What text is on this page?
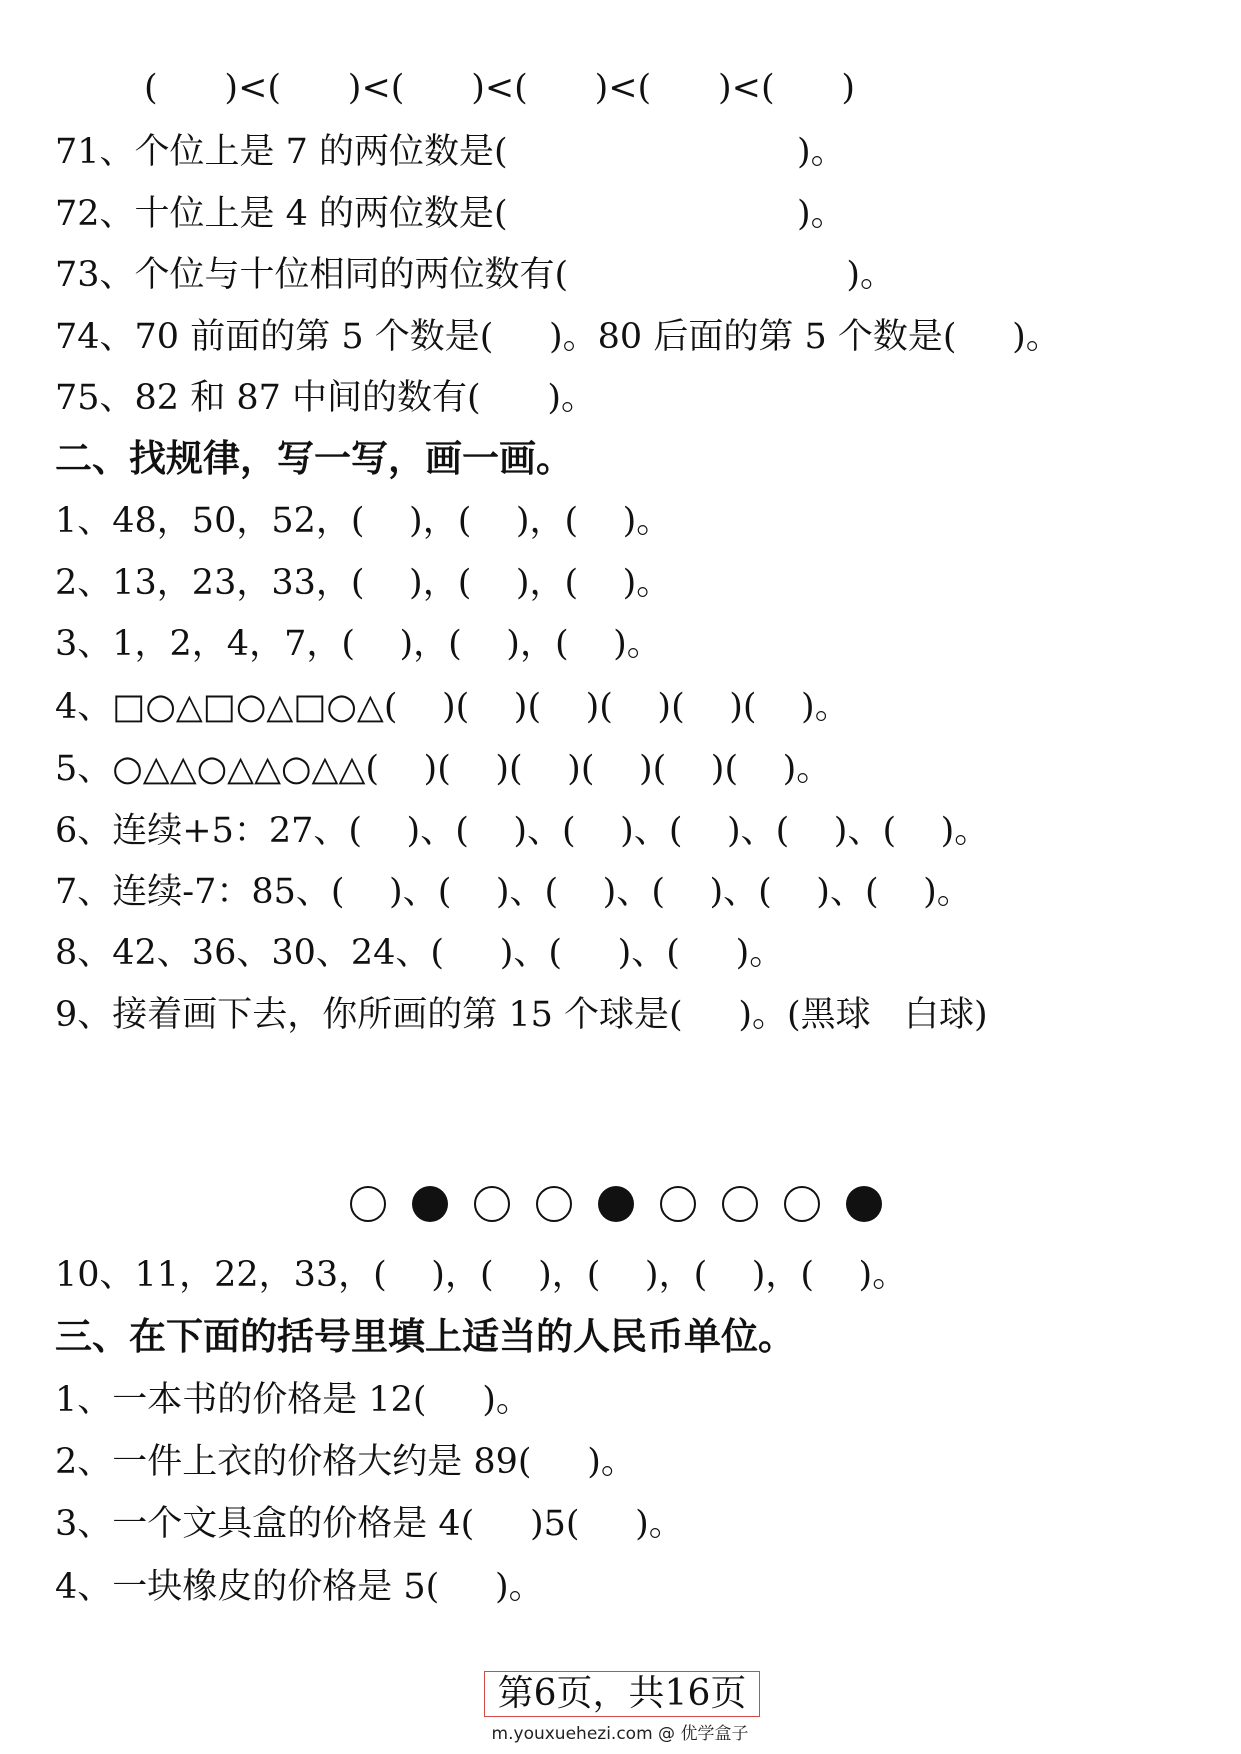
(      )<(      )<(      )<(      )<(      )<(      )
71、个位上是 7 的两位数是(                          )。
72、十位上是 4 的两位数是(                          )。
73、个位与十位相同的两位数有(                         )。
74、70 前面的第 5 个数是(     )。80 后面的第 5 个数是(     )。
75、82 和 87 中间的数有(      )。
二、找规律，写一写，画一画。
1、48，50，52，(    )，(    )，(    )。
2、13，23，33，(    )，(    )，(    )。
3、1，2，4，7，(    )，(    )，(    )。
4、□○△□○△□○△(    )(    )(    )(    )(    )(    )。
5、○△△○△△○△△(    )(    )(    )(    )(    )(    )。
6、连续+5：27、(    )、(    )、(    )、(    )、(    )、(    )。
7、连续-7：85、(    )、(    )、(    )、(    )、(    )、(    )。
8、42、36、30、24、(     )、(     )、(     )。
9、接着画下去，你所画的第 15 个球是(     )。(黑球   白球)
10、11，22，33，(    )，(    )，(    )，(    )，(    )。
三、在下面的括号里填上适当的人民币单位。
1、一本书的价格是 12(     )。
2、一件上衣的价格大约是 89(     )。
3、一个文具盒的价格是 4(     )5(     )。
4、一块橡皮的价格是 5(     )。
第6页，共16页
m.youxuehezi.com @ 优学盒子
